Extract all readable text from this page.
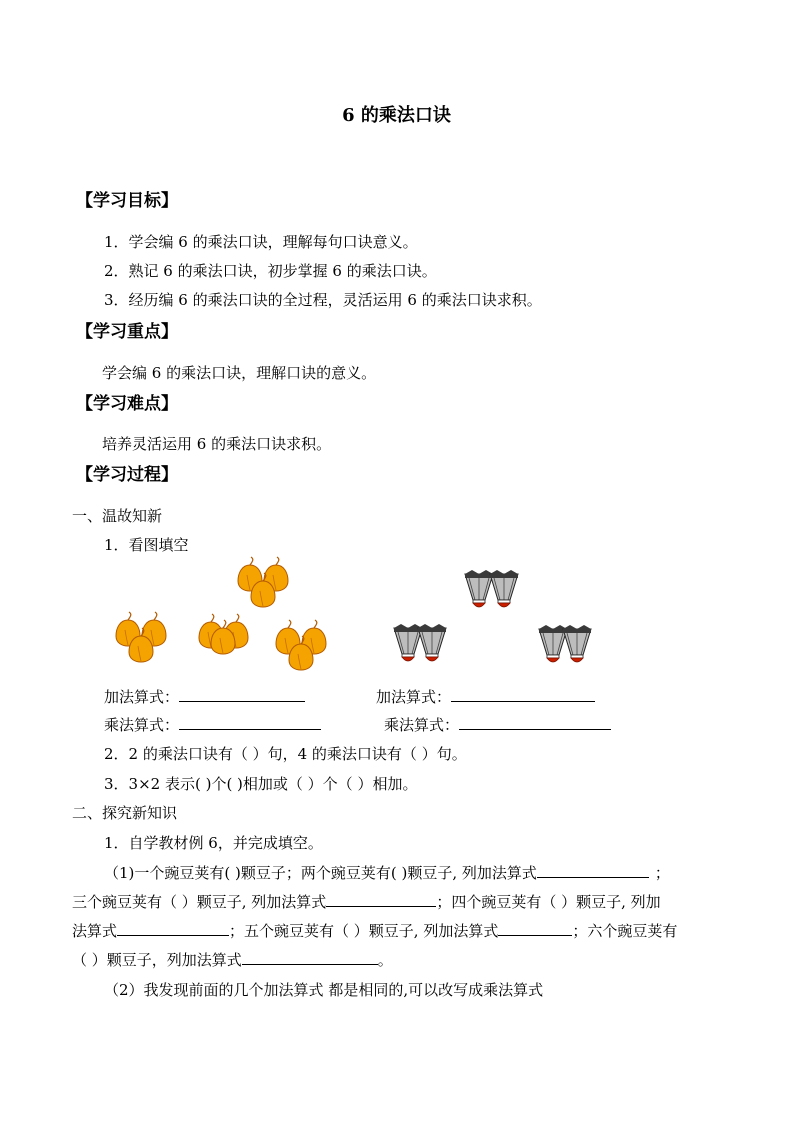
6 的乘法口诀
【学习目标】
1．学会编 6 的乘法口诀，理解每句口诀意义。
2．熟记 6 的乘法口诀，初步掌握 6 的乘法口诀。
3．经历编 6 的乘法口诀的全过程，灵活运用 6 的乘法口诀求积。
【学习重点】
学会编 6 的乘法口诀，理解口诀的意义。
【学习难点】
培养灵活运用 6 的乘法口诀求积。
【学习过程】
一、温故知新
1．看图填空
加法算式：	加法算式：
乘法算式：	乘法算式：
2．2 的乘法口诀有（ ）句，4 的乘法口诀有（ ）句。
3．3×2 表示( )个( )相加或（ ）个（ ）相加。
二、探究新知识
1．自学教材例 6，并完成填空。
（1)一个豌豆荚有( )颗豆子；两个豌豆荚有( )颗豆子, 列加法算式	；
三个豌豆荚有（ ）颗豆子, 列加法算式	；四个豌豆荚有（ ）颗豆子, 列加
法算式	；五个豌豆荚有（ ）颗豆子, 列加法算式	；六个豌豆荚有
（ ）颗豆子，列加法算式	。
（2）我发现前面的几个加法算式 都是相同的,可以改写成乘法算式
